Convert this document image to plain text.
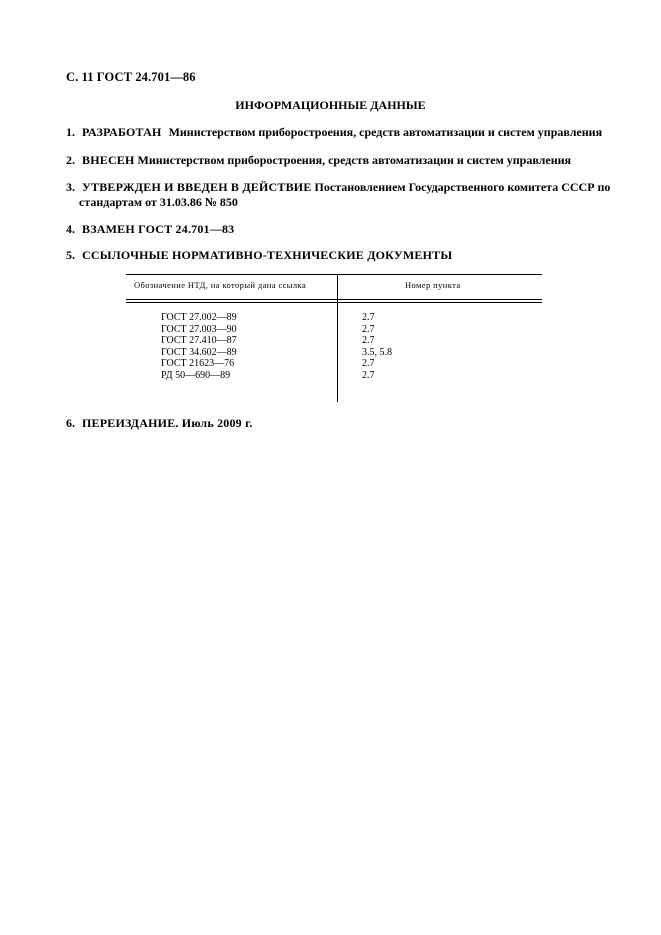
С. 11 ГОСТ 24.701—86
ИНФОРМАЦИОННЫЕ ДАННЫЕ
1. РАЗРАБОТАН Министерством приборостроения, средств автоматизации и систем управления
2. ВНЕСЕН Министерством приборостроения, средств автоматизации и систем управления
3. УТВЕРЖДЕН И ВВЕДЕН В ДЕЙСТВИЕ Постановлением Государственного комитета СССР по
стандартам от 31.03.86 № 850
4. ВЗАМЕН ГОСТ 24.701—83
5. ССЫЛОЧНЫЕ НОРМАТИВНО-ТЕХНИЧЕСКИЕ ДОКУМЕНТЫ
Обозначение НТД, на который дана ссылка	Номер пункта
ГОСТ 27.002—89	2.7
ГОСТ 27.003—90	2.7
ГОСТ 27.410—87	2.7
ГОСТ 34.602—89	3.5, 5.8
ГОСТ 21623—76	2.7
РД 50—690—89	2.7
6. ПЕРЕИЗДАНИЕ. Июль 2009 г.
